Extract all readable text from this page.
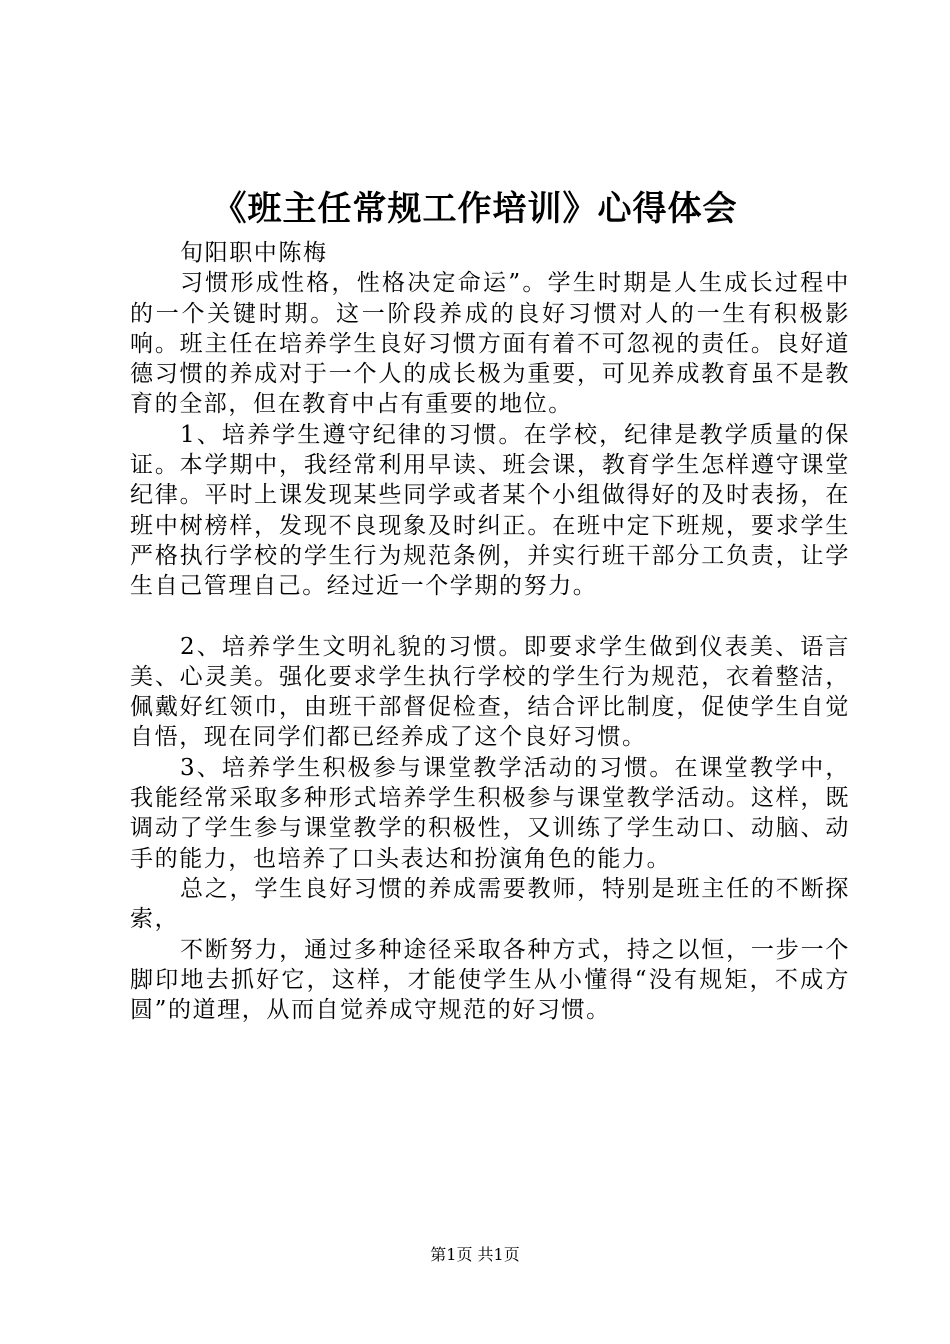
《班主任常规工作培训》心得体会

旬阳职中陈梅

习惯形成性格，性格决定命运”。学生时期是人生成长过程中的一个关键时期。这一阶段养成的良好习惯对人的一生有积极影响。班主任在培养学生良好习惯方面有着不可忽视的责任。良好道德习惯的养成对于一个人的成长极为重要，可见养成教育虽不是教育的全部，但在教育中占有重要的地位。

1、培养学生遵守纪律的习惯。在学校，纪律是教学质量的保证。本学期中，我经常利用早读、班会课，教育学生怎样遵守课堂纪律。平时上课发现某些同学或者某个小组做得好的及时表扬，在班中树榜样，发现不良现象及时纠正。在班中定下班规，要求学生严格执行学校的学生行为规范条例，并实行班干部分工负责，让学生自己管理自己。经过近一个学期的努力。

2、培养学生文明礼貌的习惯。即要求学生做到仪表美、语言美、心灵美。强化要求学生执行学校的学生行为规范，衣着整洁，佩戴好红领巾，由班干部督促检查，结合评比制度，促使学生自觉自悟，现在同学们都已经养成了这个良好习惯。

3、培养学生积极参与课堂教学活动的习惯。在课堂教学中，我能经常采取多种形式培养学生积极参与课堂教学活动。这样，既调动了学生参与课堂教学的积极性，又训练了学生动口、动脑、动手的能力，也培养了口头表达和扮演角色的能力。

总之，学生良好习惯的养成需要教师，特别是班主任的不断探索，

不断努力，通过多种途径采取各种方式，持之以恒，一步一个脚印地去抓好它，这样，才能使学生从小懂得“没有规矩，不成方圆”的道理，从而自觉养成守规范的好习惯。

第1页 共1页
